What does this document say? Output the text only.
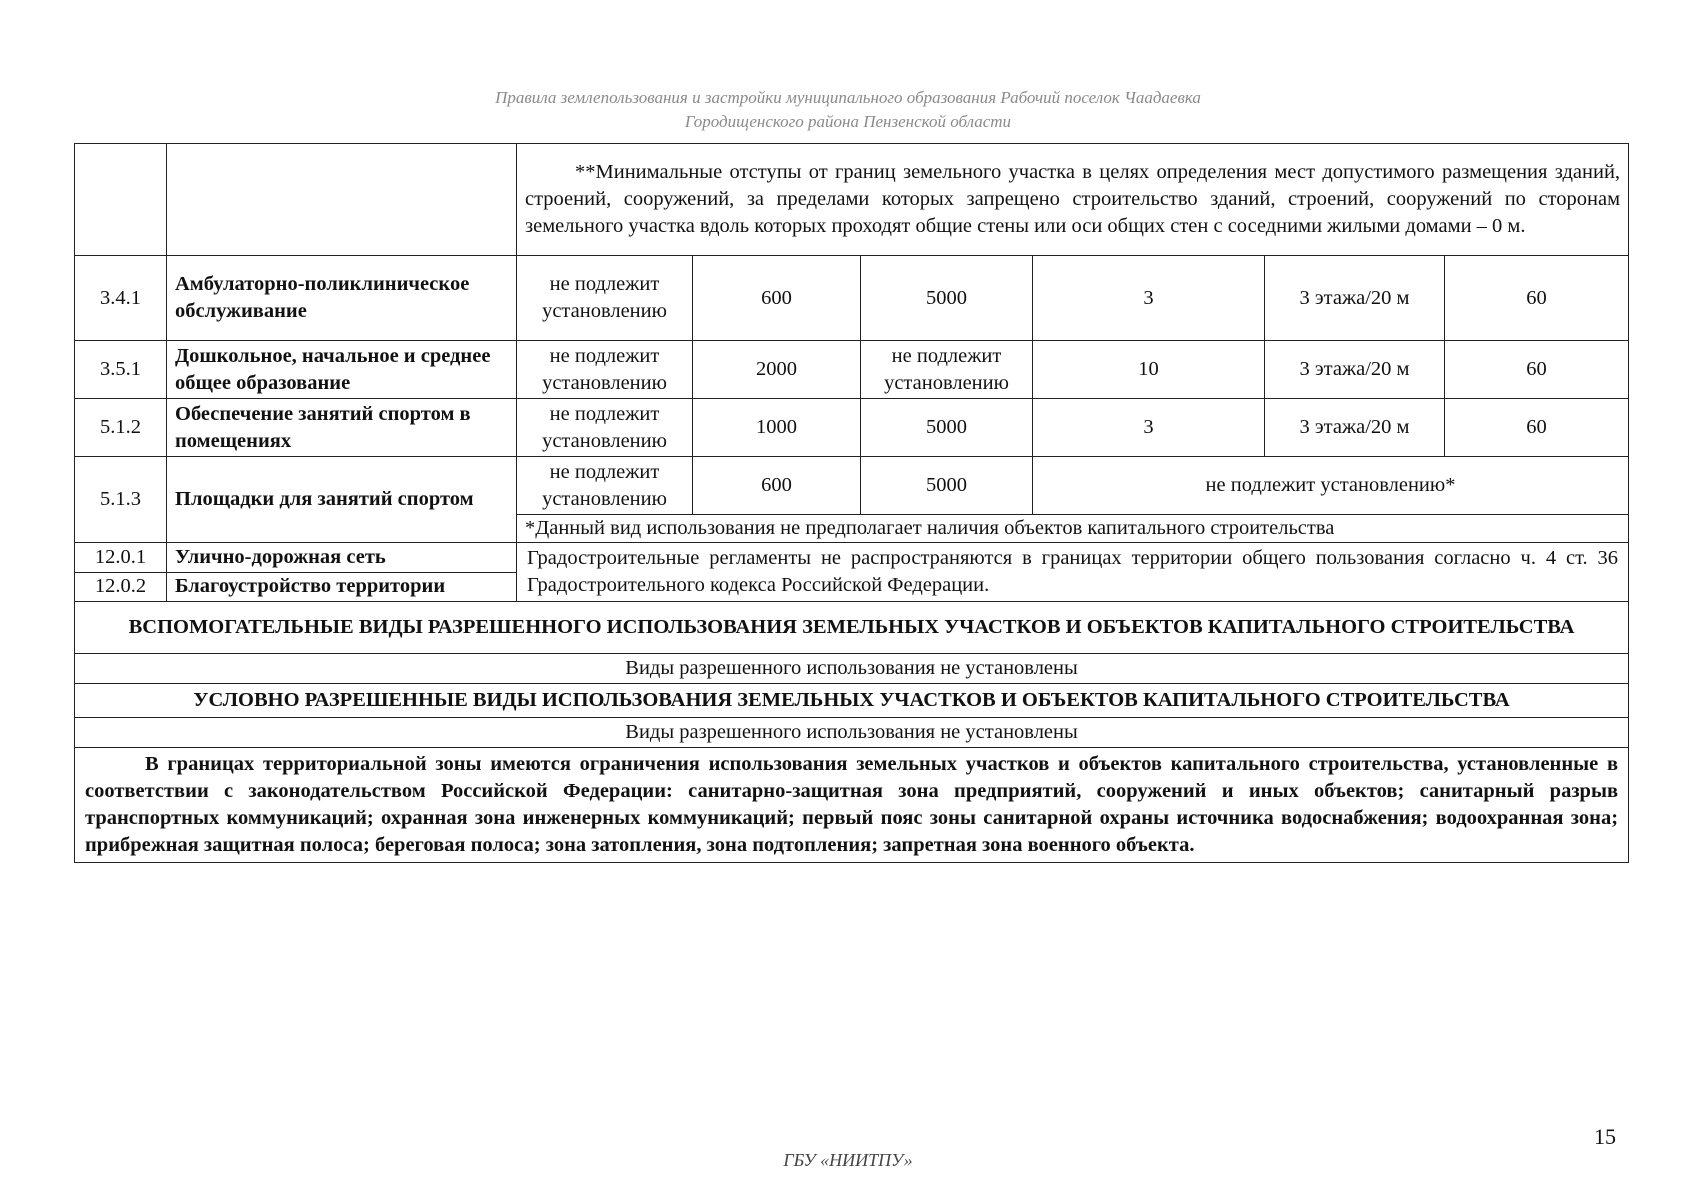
Правила землепользования и застройки муниципального образования Рабочий поселок Чаадаевка
Городищенского района Пензенской области
		**Минимальные отступы от границ земельного участка в целях определения мест допустимого размещения зданий, строений, сооружений, за пределами которых запрещено строительство зданий, строений, сооружений по сторонам земельного участка вдоль которых проходят общие стены или оси общих стен с соседними жилыми домами – 0 м.					
3.4.1	Амбулаторно-поликлиническое обслуживание	не подлежит установлению	600	5000	3	3 этажа/20 м	60
3.5.1	Дошкольное, начальное и среднее общее образование	не подлежит установлению	2000	не подлежит установлению	10	3 этажа/20 м	60
5.1.2	Обеспечение занятий спортом в помещениях	не подлежит установлению	1000	5000	3	3 этажа/20 м	60
5.1.3	Площадки для занятий спортом	не подлежит установлению	600	5000	не подлежит установлению*		
		*Данный вид использования не предполагает наличия объектов капитального строительства					
12.0.1	Улично-дорожная сеть	Градостроительные регламенты не распространяются в границах территории общего пользования согласно ч. 4 ст. 36 Градостроительного кодекса Российской Федерации.					
12.0.2	Благоустройство территории						
ВСПОМОГАТЕЛЬНЫЕ ВИДЫ РАЗРЕШЕННОГО ИСПОЛЬЗОВАНИЯ ЗЕМЕЛЬНЫХ УЧАСТКОВ И ОБЪЕКТОВ КАПИТАЛЬНОГО СТРОИТЕЛЬСТВА							
Виды разрешенного использования не установлены							
УСЛОВНО РАЗРЕШЕННЫЕ ВИДЫ ИСПОЛЬЗОВАНИЯ ЗЕМЕЛЬНЫХ УЧАСТКОВ И ОБЪЕКТОВ КАПИТАЛЬНОГО СТРОИТЕЛЬСТВА							
Виды разрешенного использования не установлены							
В границах территориальной зоны имеются ограничения использования земельных участков и объектов капитального строительства, установленные в соответствии с законодательством Российской Федерации: санитарно-защитная зона предприятий, сооружений и иных объектов; санитарный разрыв транспортных коммуникаций; охранная зона инженерных коммуникаций; первый пояс зоны санитарной охраны источника водоснабжения; водоохранная зона; прибрежная защитная полоса; береговая полоса; зона затопления, зона подтопления; запретная зона военного объекта.							
15
ГБУ «НИИТПУ»
